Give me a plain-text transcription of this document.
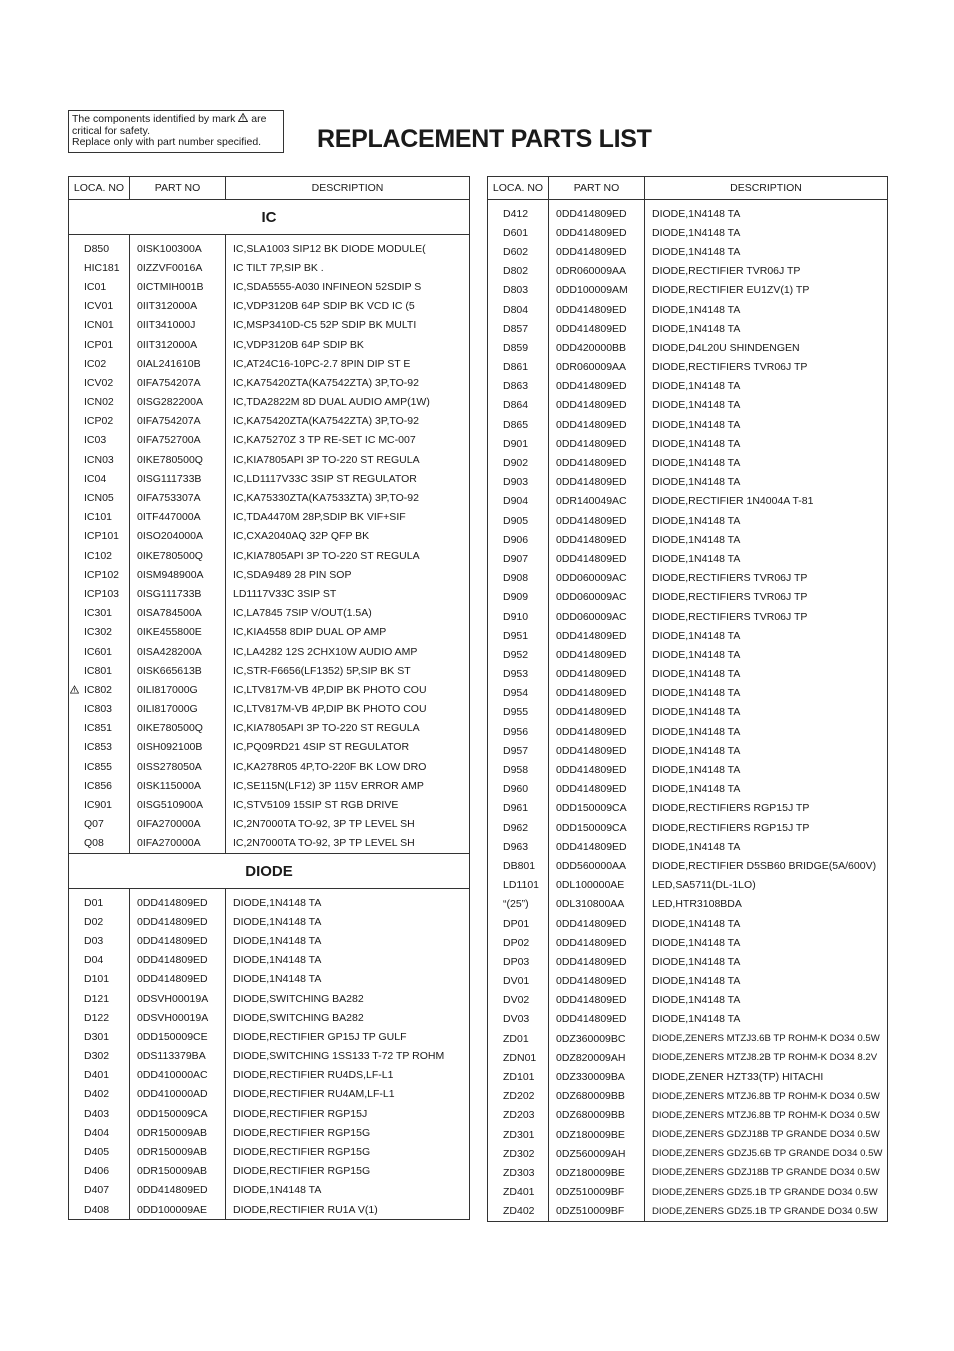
The components identified by mark are
critical for safety.
Replace only with part number specified.	REPLACEMENT PARTS LIST
LOCA. NO	PART NO	DESCRIPTION
IC		
D850	0ISK100300A	IC,SLA1003 SIP12 BK DIODE MODULE(
HIC181	0IZZVF0016A	IC TILT 7P,SIP BK .
IC01	0ICTMIH001B	IC,SDA5555-A030 INFINEON 52SDIP S
ICV01	0IIT312000A	IC,VDP3120B 64P SDIP BK VCD IC (5
ICN01	0IIT341000J	IC,MSP3410D-C5 52P SDIP BK MULTI
ICP01	0IIT312000A	IC,VDP3120B 64P SDIP BK
IC02	0IAL241610B	IC,AT24C16-10PC-2.7 8PIN DIP ST E
ICV02	0IFA754207A	IC,KA75420ZTA(KA7542ZTA) 3P,TO-92
ICN02	0ISG282200A	IC,TDA2822M 8D DUAL AUDIO AMP(1W)
ICP02	0IFA754207A	IC,KA75420ZTA(KA7542ZTA) 3P,TO-92
IC03	0IFA752700A	IC,KA75270Z 3 TP RE-SET IC MC-007
ICN03	0IKE780500Q	IC,KIA7805API 3P TO-220 ST REGULA
IC04	0ISG111733B	IC,LD1117V33C 3SIP ST REGULATOR
ICN05	0IFA753307A	IC,KA75330ZTA(KA7533ZTA) 3P,TO-92
IC101	0ITF447000A	IC,TDA4470M 28P,SDIP BK VIF+SIF
ICP101	0ISO204000A	IC,CXA2040AQ 32P QFP BK
IC102	0IKE780500Q	IC,KIA7805API 3P TO-220 ST REGULA
ICP102	0ISM948900A	IC,SDA9489 28 PIN SOP
ICP103	0ISG111733B	LD1117V33C 3SIP ST
IC301	0ISA784500A	IC,LA7845 7SIP V/OUT(1.5A)
IC302	0IKE455800E	IC,KIA4558 8DIP DUAL OP AMP
IC601	0ISA428200A	IC,LA4282 12S 2CHX10W AUDIO AMP
IC801	0ISK665613B	IC,STR-F6656(LF1352) 5P,SIP BK ST
IC802	0ILI817000G	IC,LTV817M-VB 4P,DIP BK PHOTO COU
IC803	0ILI817000G	IC,LTV817M-VB 4P,DIP BK PHOTO COU
IC851	0IKE780500Q	IC,KIA7805API 3P TO-220 ST REGULA
IC853	0ISH092100B	IC,PQ09RD21 4SIP ST REGULATOR
IC855	0ISS278050A	IC,KA278R05 4P,TO-220F BK LOW DRO
IC856	0ISK115000A	IC,SE115N(LF12) 3P 115V ERROR AMP
IC901	0ISG510900A	IC,STV5109 15SIP ST RGB DRIVE
Q07	0IFA270000A	IC,2N7000TA TO-92, 3P TP LEVEL SH
Q08	0IFA270000A	IC,2N7000TA TO-92, 3P TP LEVEL SH
DIODE		
D01	0DD414809ED	DIODE,1N4148 TA
D02	0DD414809ED	DIODE,1N4148 TA
D03	0DD414809ED	DIODE,1N4148 TA
D04	0DD414809ED	DIODE,1N4148 TA
D101	0DD414809ED	DIODE,1N4148 TA
D121	0DSVH00019A	DIODE,SWITCHING BA282
D122	0DSVH00019A	DIODE,SWITCHING BA282
D301	0DD150009CE	DIODE,RECTIFIER GP15J TP GULF
D302	0DS113379BA	DIODE,SWITCHING 1SS133 T-72 TP ROHM
D401	0DD410000AC	DIODE,RECTIFIER RU4DS,LF-L1
D402	0DD410000AD	DIODE,RECTIFIER RU4AM,LF-L1
D403	0DD150009CA	DIODE,RECTIFIER RGP15J
D404	0DR150009AB	DIODE,RECTIFIER RGP15G
D405	0DR150009AB	DIODE,RECTIFIER RGP15G
D406	0DR150009AB	DIODE,RECTIFIER RGP15G
D407	0DD414809ED	DIODE,1N4148 TA
D408	0DD100009AE	DIODE,RECTIFIER RU1A V(1)
LOCA. NO	PART NO	DESCRIPTION
D412	0DD414809ED	DIODE,1N4148 TA
D601	0DD414809ED	DIODE,1N4148 TA
D602	0DD414809ED	DIODE,1N4148 TA
D802	0DR060009AA	DIODE,RECTIFIER TVR06J TP
D803	0DD100009AM	DIODE,RECTIFIER EU1ZV(1) TP
D804	0DD414809ED	DIODE,1N4148 TA
D857	0DD414809ED	DIODE,1N4148 TA
D859	0DD420000BB	DIODE,D4L20U SHINDENGEN
D861	0DR060009AA	DIODE,RECTIFIERS TVR06J TP
D863	0DD414809ED	DIODE,1N4148 TA
D864	0DD414809ED	DIODE,1N4148 TA
D865	0DD414809ED	DIODE,1N4148 TA
D901	0DD414809ED	DIODE,1N4148 TA
D902	0DD414809ED	DIODE,1N4148 TA
D903	0DD414809ED	DIODE,1N4148 TA
D904	0DR140049AC	DIODE,RECTIFIER 1N4004A T-81
D905	0DD414809ED	DIODE,1N4148 TA
D906	0DD414809ED	DIODE,1N4148 TA
D907	0DD414809ED	DIODE,1N4148 TA
D908	0DD060009AC	DIODE,RECTIFIERS TVR06J TP
D909	0DD060009AC	DIODE,RECTIFIERS TVR06J TP
D910	0DD060009AC	DIODE,RECTIFIERS TVR06J TP
D951	0DD414809ED	DIODE,1N4148 TA
D952	0DD414809ED	DIODE,1N4148 TA
D953	0DD414809ED	DIODE,1N4148 TA
D954	0DD414809ED	DIODE,1N4148 TA
D955	0DD414809ED	DIODE,1N4148 TA
D956	0DD414809ED	DIODE,1N4148 TA
D957	0DD414809ED	DIODE,1N4148 TA
D958	0DD414809ED	DIODE,1N4148 TA
D960	0DD414809ED	DIODE,1N4148 TA
D961	0DD150009CA	DIODE,RECTIFIERS RGP15J TP
D962	0DD150009CA	DIODE,RECTIFIERS RGP15J TP
D963	0DD414809ED	DIODE,1N4148 TA
DB801	0DD560000AA	DIODE,RECTIFIER D5SB60 BRIDGE(5A/600V)
LD1101	0DL100000AE	LED,SA5711(DL-1LO)
“(25”)	0DL310800AA	LED,HTR3108BDA
DP01	0DD414809ED	DIODE,1N4148 TA
DP02	0DD414809ED	DIODE,1N4148 TA
DP03	0DD414809ED	DIODE,1N4148 TA
DV01	0DD414809ED	DIODE,1N4148 TA
DV02	0DD414809ED	DIODE,1N4148 TA
DV03	0DD414809ED	DIODE,1N4148 TA
ZD01	0DZ360009BC	DIODE,ZENERS MTZJ3.6B TP ROHM-K DO34 0.5W
ZDN01	0DZ820009AH	DIODE,ZENERS MTZJ8.2B TP ROHM-K DO34 8.2V
ZD101	0DZ330009BA	DIODE,ZENER HZT33(TP) HITACHI
ZD202	0DZ680009BB	DIODE,ZENERS MTZJ6.8B TP ROHM-K DO34 0.5W
ZD203	0DZ680009BB	DIODE,ZENERS MTZJ6.8B TP ROHM-K DO34 0.5W
ZD301	0DZ180009BE	DIODE,ZENERS GDZJ18B TP GRANDE DO34 0.5W
ZD302	0DZ560009AH	DIODE,ZENERS GDZJ5.6B TP GRANDE DO34 0.5W
ZD303	0DZ180009BE	DIODE,ZENERS GDZJ18B TP GRANDE DO34 0.5W
ZD401	0DZ510009BF	DIODE,ZENERS GDZ5.1B TP GRANDE DO34 0.5W
ZD402	0DZ510009BF	DIODE,ZENERS GDZ5.1B TP GRANDE DO34 0.5W
